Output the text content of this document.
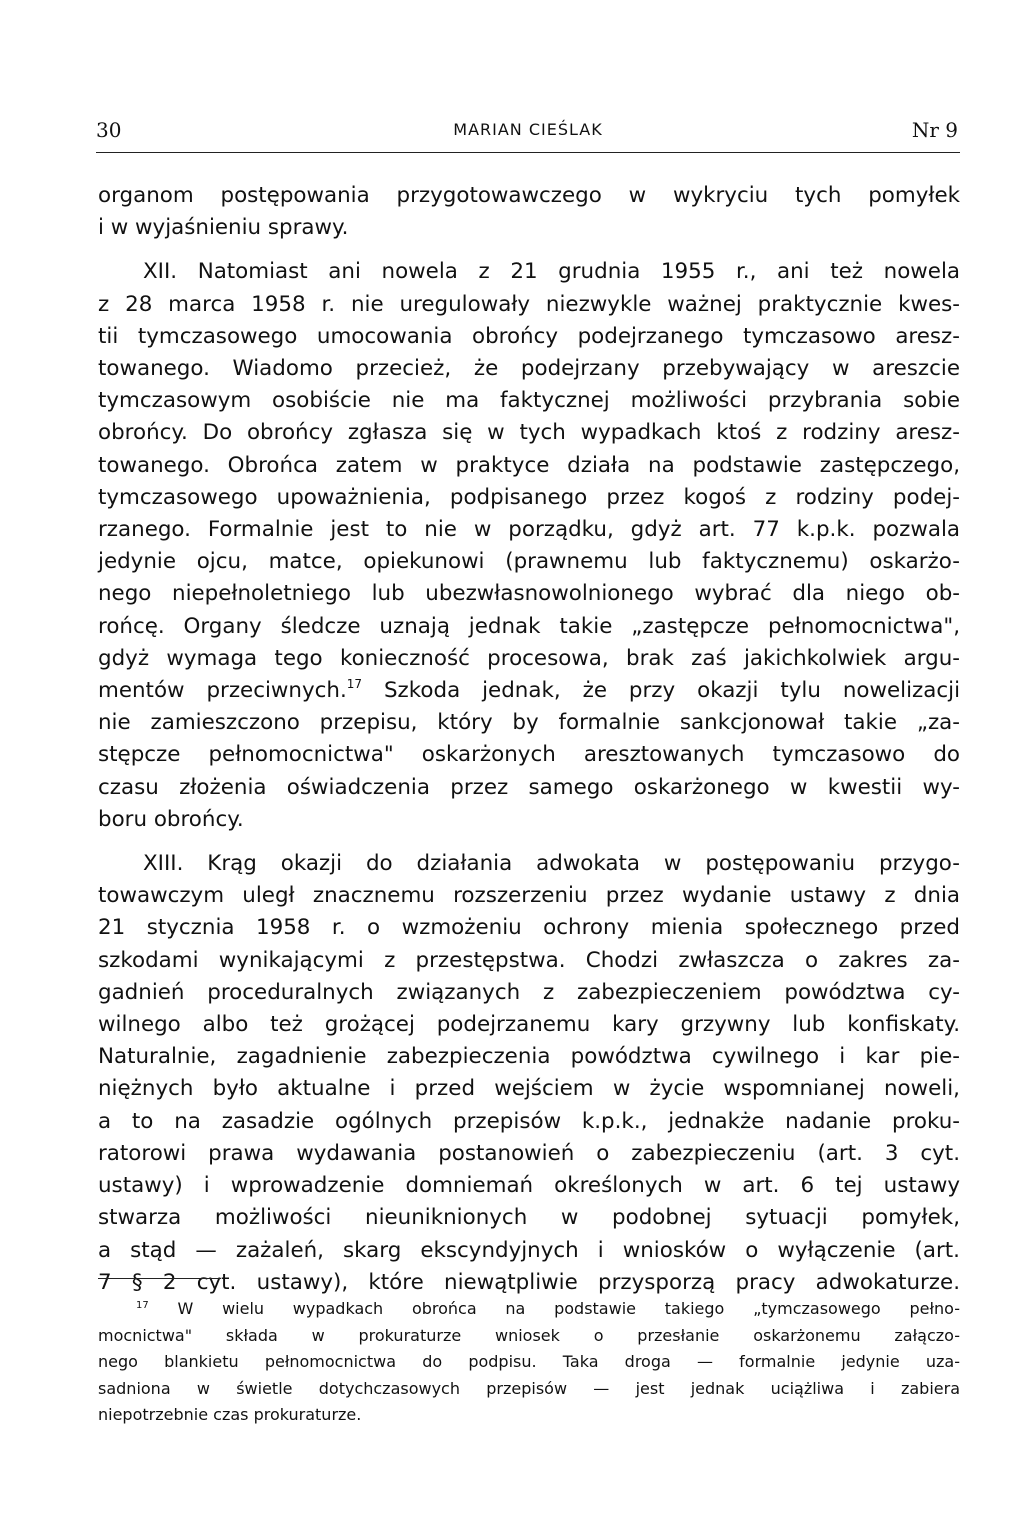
30	MARIAN CIEŚLAK	Nr 9
organom postępowania przygotowawczego w wykryciu tych pomyłek
i w wyjaśnieniu sprawy.
XII. Natomiast ani nowela z 21 grudnia 1955 r., ani też nowela
z 28 marca 1958 r. nie uregulowały niezwykle ważnej praktycznie kwes-
tii tymczasowego umocowania obrońcy podejrzanego tymczasowo aresz-
towanego. Wiadomo przecież, że podejrzany przebywający w areszcie
tymczasowym osobiście nie ma faktycznej możliwości przybrania sobie
obrońcy. Do obrońcy zgłasza się w tych wypadkach ktoś z rodziny aresz-
towanego. Obrońca zatem w praktyce działa na podstawie zastępczego,
tymczasowego upoważnienia, podpisanego przez kogoś z rodziny podej-
rzanego. Formalnie jest to nie w porządku, gdyż art. 77 k.p.k. pozwala
jedynie ojcu, matce, opiekunowi (prawnemu lub faktycznemu) oskarżo-
nego niepełnoletniego lub ubezwłasnowolnionego wybrać dla niego ob-
rońcę. Organy śledcze uznają jednak takie „zastępcze pełnomocnictwa",
gdyż wymaga tego konieczność procesowa, brak zaś jakichkolwiek argu-
mentów przeciwnych.$^{17}$ Szkoda jednak, że przy okazji tylu nowelizacji
nie zamieszczono przepisu, który by formalnie sankcjonował takie „za-
stępcze pełnomocnictwa" oskarżonych aresztowanych tymczasowo do
czasu złożenia oświadczenia przez samego oskarżonego w kwestii wy-
boru obrońcy.
XIII. Krąg okazji do działania adwokata w postępowaniu przygo-
towawczym uległ znacznemu rozszerzeniu przez wydanie ustawy z dnia
21 stycznia 1958 r. o wzmożeniu ochrony mienia społecznego przed
szkodami wynikającymi z przestępstwa. Chodzi zwłaszcza o zakres za-
gadnień proceduralnych związanych z zabezpieczeniem powództwa cy-
wilnego albo też grożącej podejrzanemu kary grzywny lub konfiskaty.
Naturalnie, zagadnienie zabezpieczenia powództwa cywilnego i kar pie-
niężnych było aktualne i przed wejściem w życie wspomnianej noweli,
a to na zasadzie ogólnych przepisów k.p.k., jednakże nadanie proku-
ratorowi prawa wydawania postanowień o zabezpieczeniu (art. 3 cyt.
ustawy) i wprowadzenie domniemań określonych w art. 6 tej ustawy
stwarza możliwości nieuniknionych w podobnej sytuacji pomyłek,
a stąd — zażaleń, skarg ekscyndyjnych i wniosków o wyłączenie (art.
7 § 2 cyt. ustawy), które niewątpliwie przysporzą pracy adwokaturze.
$^{17}$ W wielu wypadkach obrońca na podstawie takiego „tymczasowego pełno-
mocnictwa" składa w prokuraturze wniosek o przesłanie oskarżonemu załączo-
nego blankietu pełnomocnictwa do podpisu. Taka droga — formalnie jedynie uza-
sadniona w świetle dotychczasowych przepisów — jest jednak uciążliwa i zabiera
niepotrzebnie czas prokuraturze.
